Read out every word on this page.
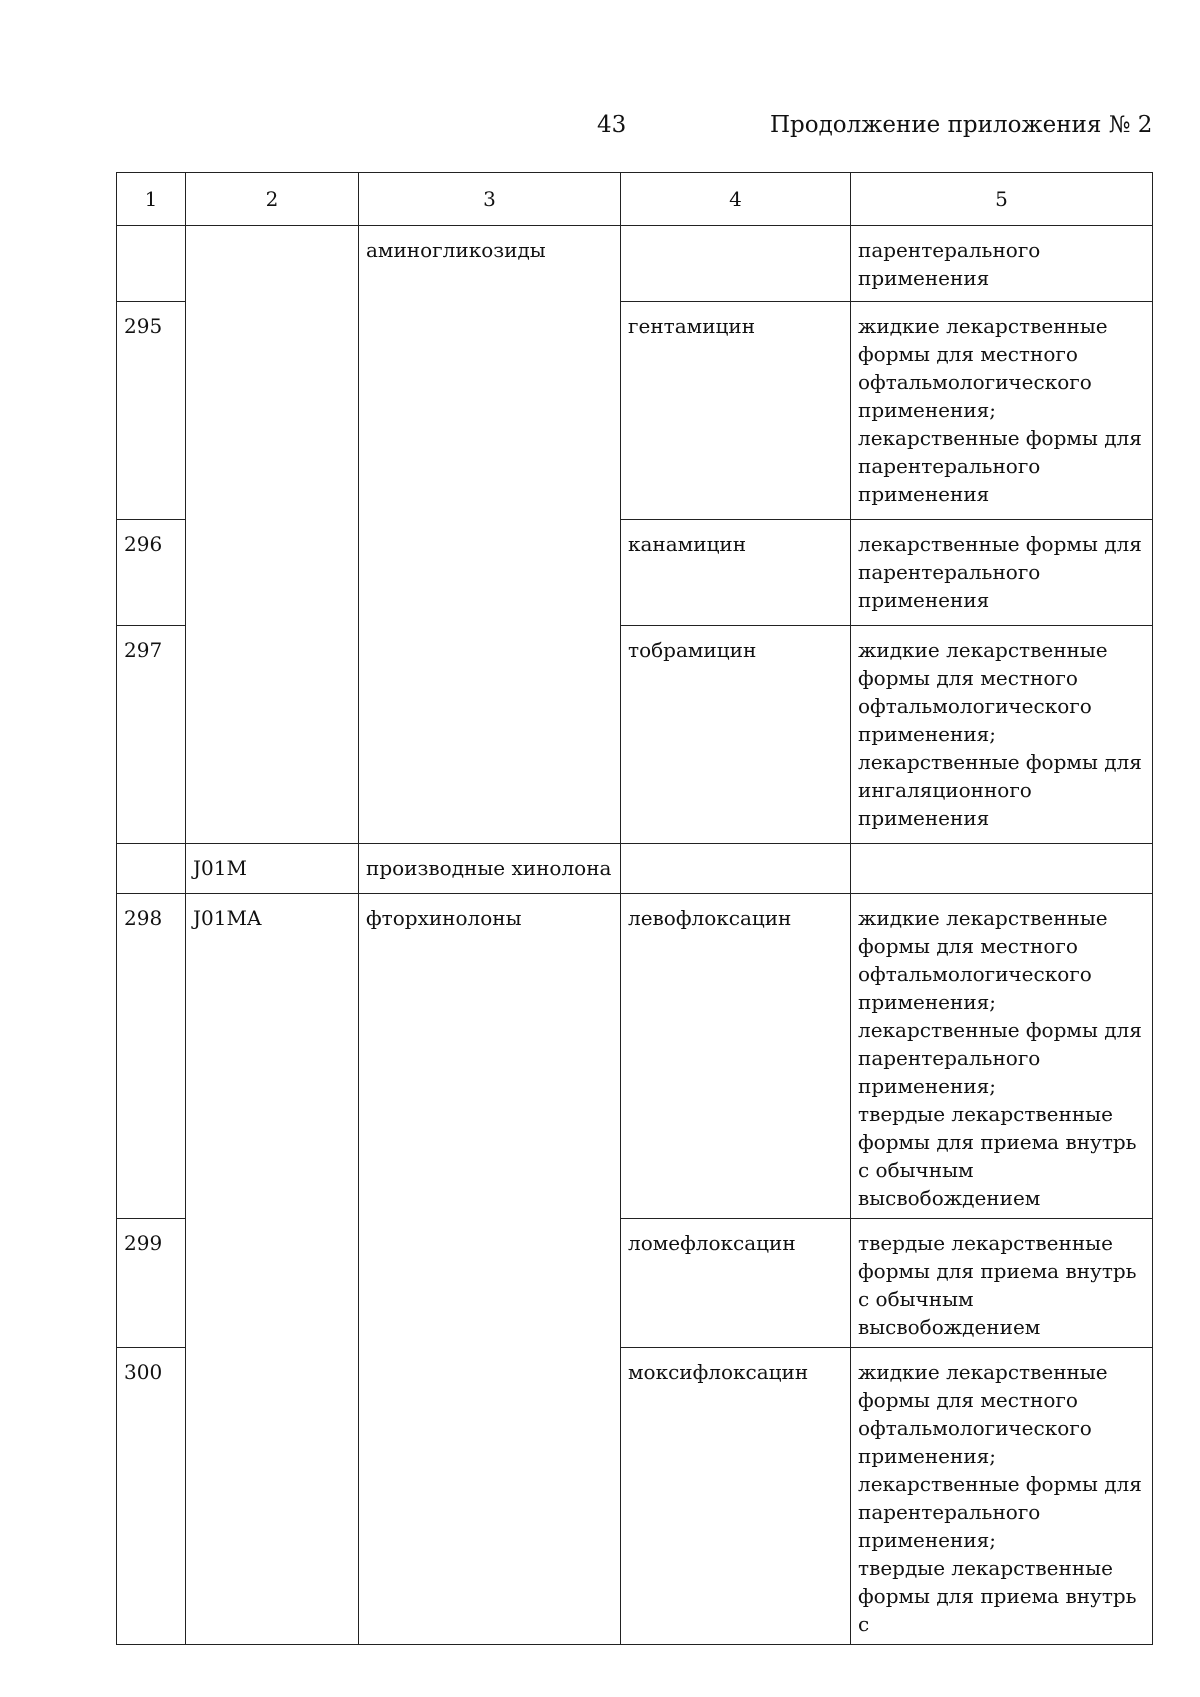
43	Продолжение приложения № 2
1	2	3	4	5
		аминогликозиды		парентерального применения

295			гентамицин	жидкие лекарственные формы для местного офтальмологического применения;
лекарственные формы для парентерального применения

296			канамицин	лекарственные формы для парентерального применения

297			тобрамицин	жидкие лекарственные формы для местного офтальмологического применения;
лекарственные формы для ингаляционного применения

	J01M	производные хинолона		
298	J01MA	фторхинолоны	левофлоксацин	жидкие лекарственные формы для местного офтальмологического применения;
лекарственные формы для парентерального применения;
твердые лекарственные формы для приема внутрь с обычным высвобождением

299			ломефлоксацин	твердые лекарственные формы для приема внутрь с обычным высвобождением

300			моксифлоксацин	жидкие лекарственные формы для местного офтальмологического применения;
лекарственные формы для парентерального применения;
твердые лекарственные формы для приема внутрь с
